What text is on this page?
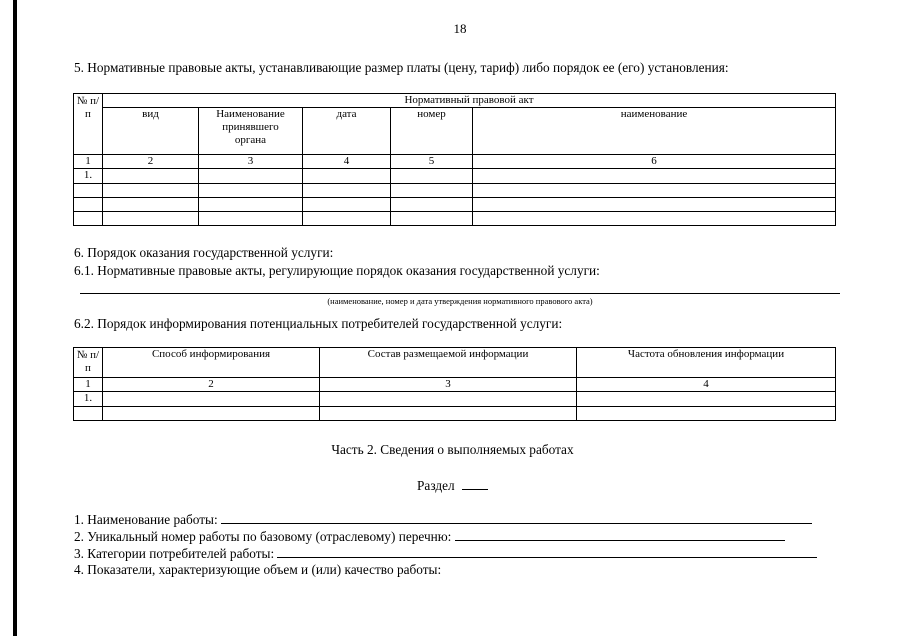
18
5. Нормативные правовые акты, устанавливающие размер платы (цену, тариф) либо порядок ее (его) установления:
№ п/п	Нормативный правовой акт				
	вид	Наименование принявшего органа	дата	номер	наименование
1	2	3	4	5	6
1.					

6. Порядок оказания государственной услуги:
6.1. Нормативные правовые акты, регулирующие порядок оказания государственной услуги:
(наименование, номер и дата утверждения нормативного правового акта)
6.2. Порядок информирования потенциальных потребителей государственной услуги:
№ п/п	Способ информирования	Состав размещаемой информации	Частота обновления информации
1	2	3	4
1.			

Часть 2. Сведения о выполняемых работах
Раздел
1. Наименование работы:
2. Уникальный номер работы по базовому (отраслевому) перечню:
3. Категории потребителей работы:
4. Показатели, характеризующие объем и (или) качество работы:
